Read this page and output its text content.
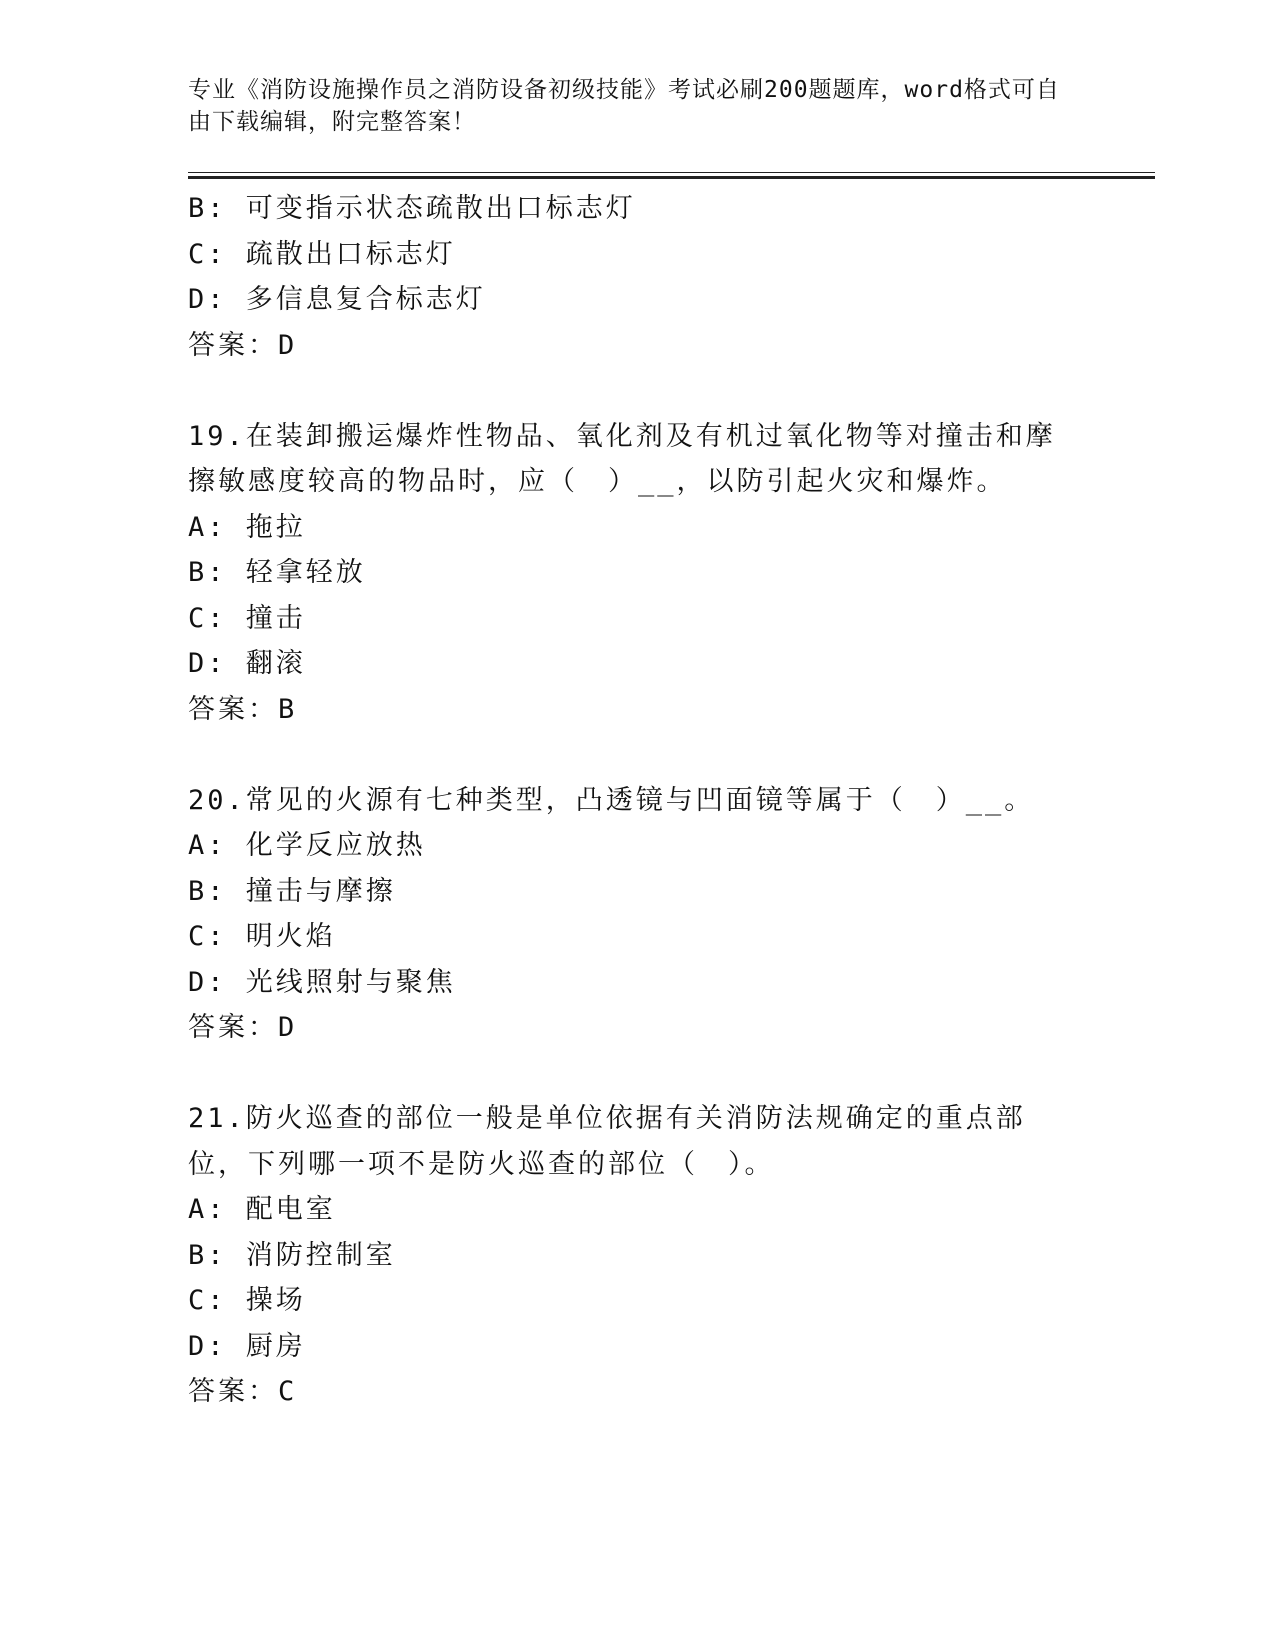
专业《消防设施操作员之消防设备初级技能》考试必刷200题题库，word格式可自由下载编辑，附完整答案！
B: 可变指示状态疏散出口标志灯
C: 疏散出口标志灯
D: 多信息复合标志灯
答案：D
19.在装卸搬运爆炸性物品、氧化剂及有机过氧化物等对撞击和摩擦敏感度较高的物品时，应（　）__，以防引起火灾和爆炸。
A: 拖拉
B: 轻拿轻放
C: 撞击
D: 翻滚
答案：B
20.常见的火源有七种类型，凸透镜与凹面镜等属于（　）__。
A: 化学反应放热
B: 撞击与摩擦
C: 明火焰
D: 光线照射与聚焦
答案：D
21.防火巡查的部位一般是单位依据有关消防法规确定的重点部位，下列哪一项不是防火巡查的部位（　）。
A: 配电室
B: 消防控制室
C: 操场
D: 厨房
答案：C
